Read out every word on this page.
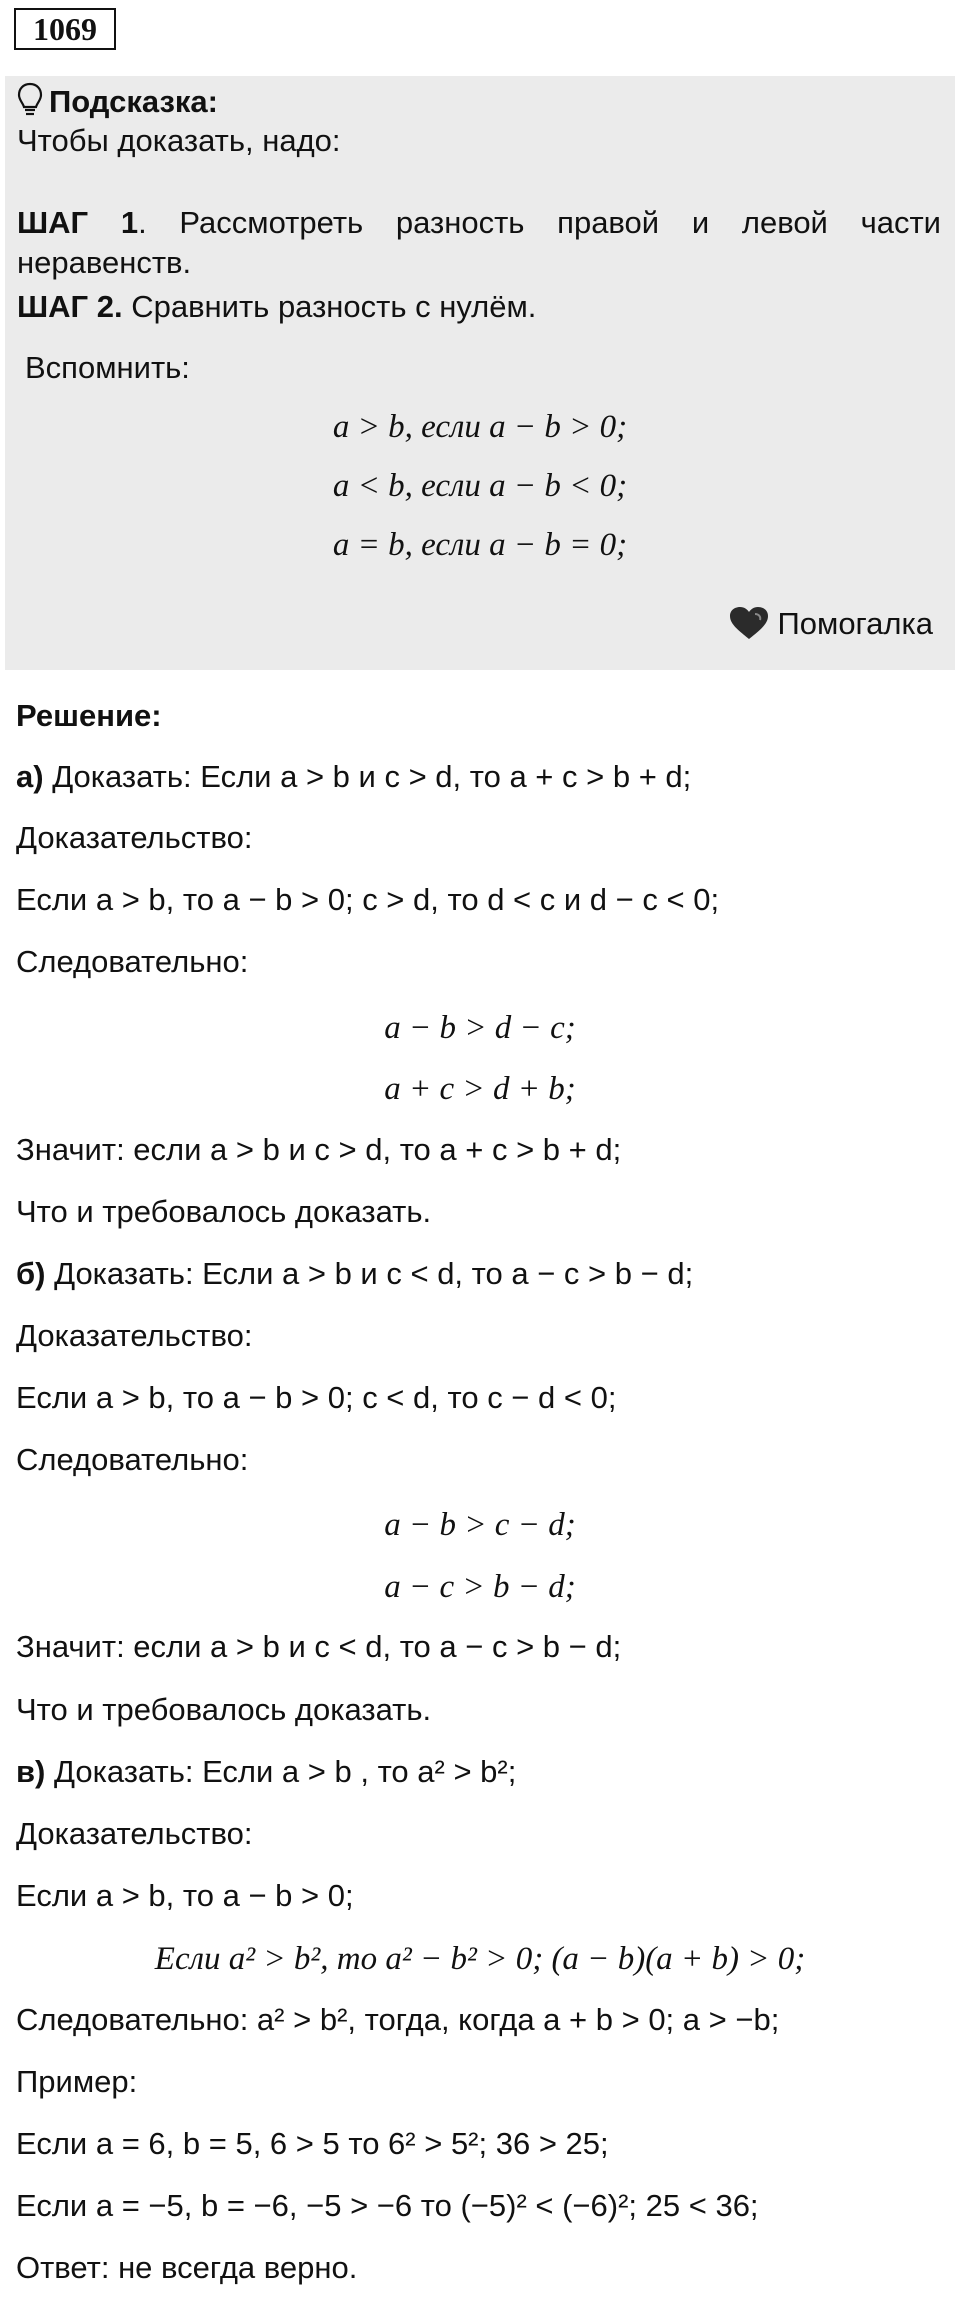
1069
Подсказка:
Чтобы доказать, надо:
ШАГ 1. Рассмотреть разность правой и левой части
неравенств.
ШАГ 2. Сравнить разность с нулём.
Вспомнить:
a > b, если a − b > 0;
a < b, если a − b < 0;
a = b, если a − b = 0;
Помогалка
Решение:
а) Доказать: Если a > b и c > d, то a + c > b + d;
Доказательство:
Если a > b, то a − b > 0; c > d, то d < c и d − c < 0;
Следовательно:
a − b > d − c;
a + c > d + b;
Значит: если a > b и c > d, то a + c > b + d;
Что и требовалось доказать.
б) Доказать: Если a > b и c < d, то a − c > b − d;
Доказательство:
Если a > b, то a − b > 0; c < d, то c − d < 0;
Следовательно:
a − b > c − d;
a − c > b − d;
Значит: если a > b и c < d, то a − c > b − d;
Что и требовалось доказать.
в) Доказать: Если a > b , то a² > b²;
Доказательство:
Если a > b, то a − b > 0;
Если a² > b², то a² − b² > 0; (a − b)(a + b) > 0;
Следовательно: a² > b², тогда, когда a + b > 0; a > −b;
Пример:
Если a = 6, b = 5, 6 > 5 то 6² > 5²; 36 > 25;
Если a = −5, b = −6, −5 > −6 то (−5)² < (−6)²; 25 < 36;
Ответ: не всегда верно.
